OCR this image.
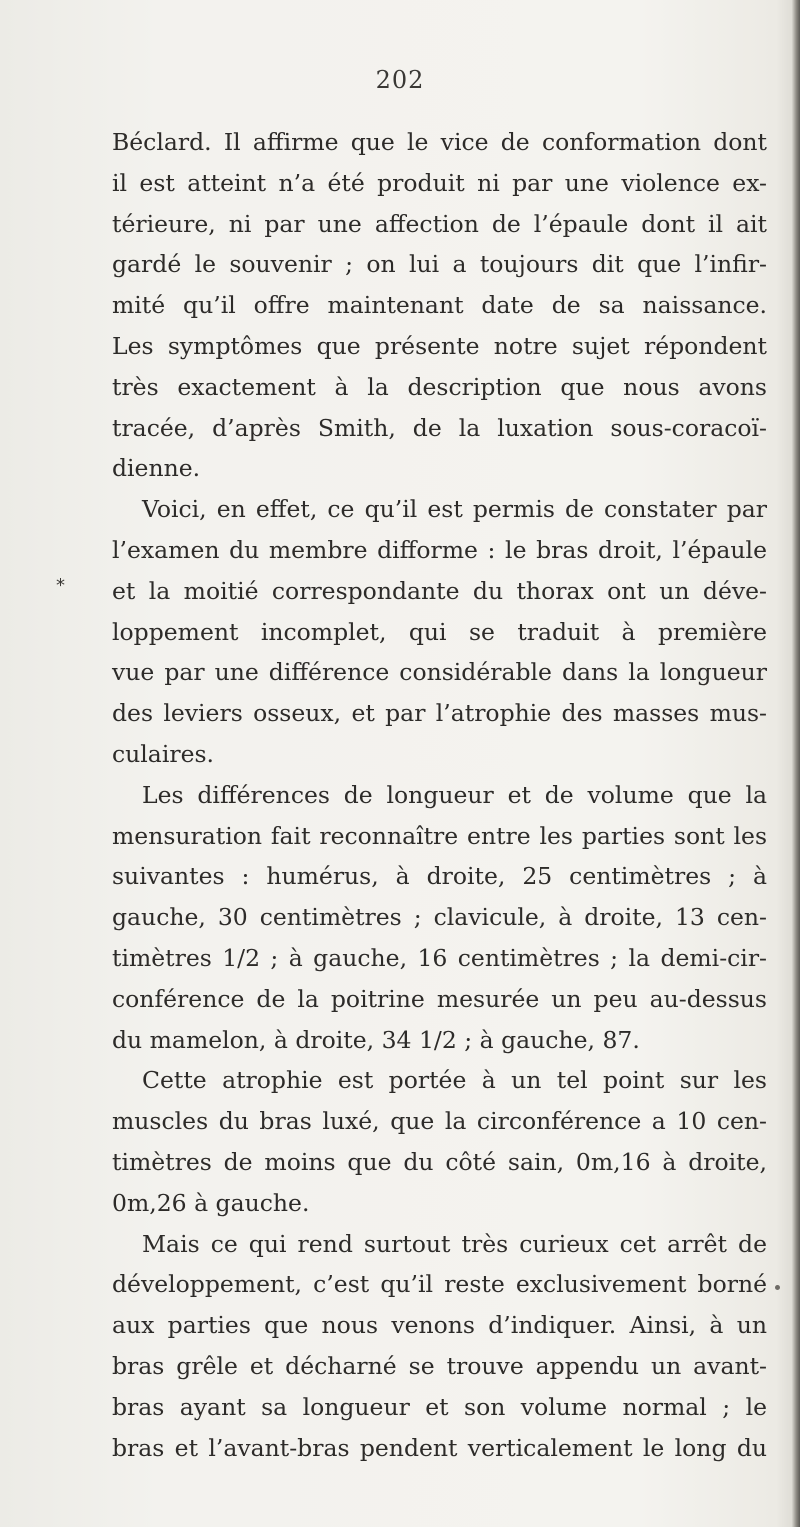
202
*
Béclard. Il affirme que le vice de conformation dont
il est atteint n’a été produit ni par une violence ex-
térieure, ni par une affection de l’épaule dont il ait
gardé le souvenir ; on lui a toujours dit que l’infir-
mité qu’il offre maintenant date de sa naissance.
Les symptômes que présente notre sujet répondent
très exactement à la description que nous avons
tracée, d’après Smith, de la luxation sous-coracoï-
dienne.
Voici, en effet, ce qu’il est permis de constater par
l’examen du membre difforme : le bras droit, l’épaule
et la moitié correspondante du thorax ont un déve-
loppement incomplet, qui se traduit à première
vue par une différence considérable dans la longueur
des leviers osseux, et par l’atrophie des masses mus-
culaires.
Les différences de longueur et de volume que la
mensuration fait reconnaître entre les parties sont les
suivantes : humérus, à droite, 25 centimètres ; à
gauche, 30 centimètres ; clavicule, à droite, 13 cen-
timètres 1/2 ; à gauche, 16 centimètres ; la demi-cir-
conférence de la poitrine mesurée un peu au-dessus
du mamelon, à droite, 34 1/2 ; à gauche, 87.
Cette atrophie est portée à un tel point sur les
muscles du bras luxé, que la circonférence a 10 cen-
timètres de moins que du côté sain, 0m,16 à droite,
0m,26 à gauche.
Mais ce qui rend surtout très curieux cet arrêt de
développement, c’est qu’il reste exclusivement borné
aux parties que nous venons d’indiquer. Ainsi, à un
bras grêle et décharné se trouve appendu un avant-
bras ayant sa longueur et son volume normal ; le
bras et l’avant-bras pendent verticalement le long du
